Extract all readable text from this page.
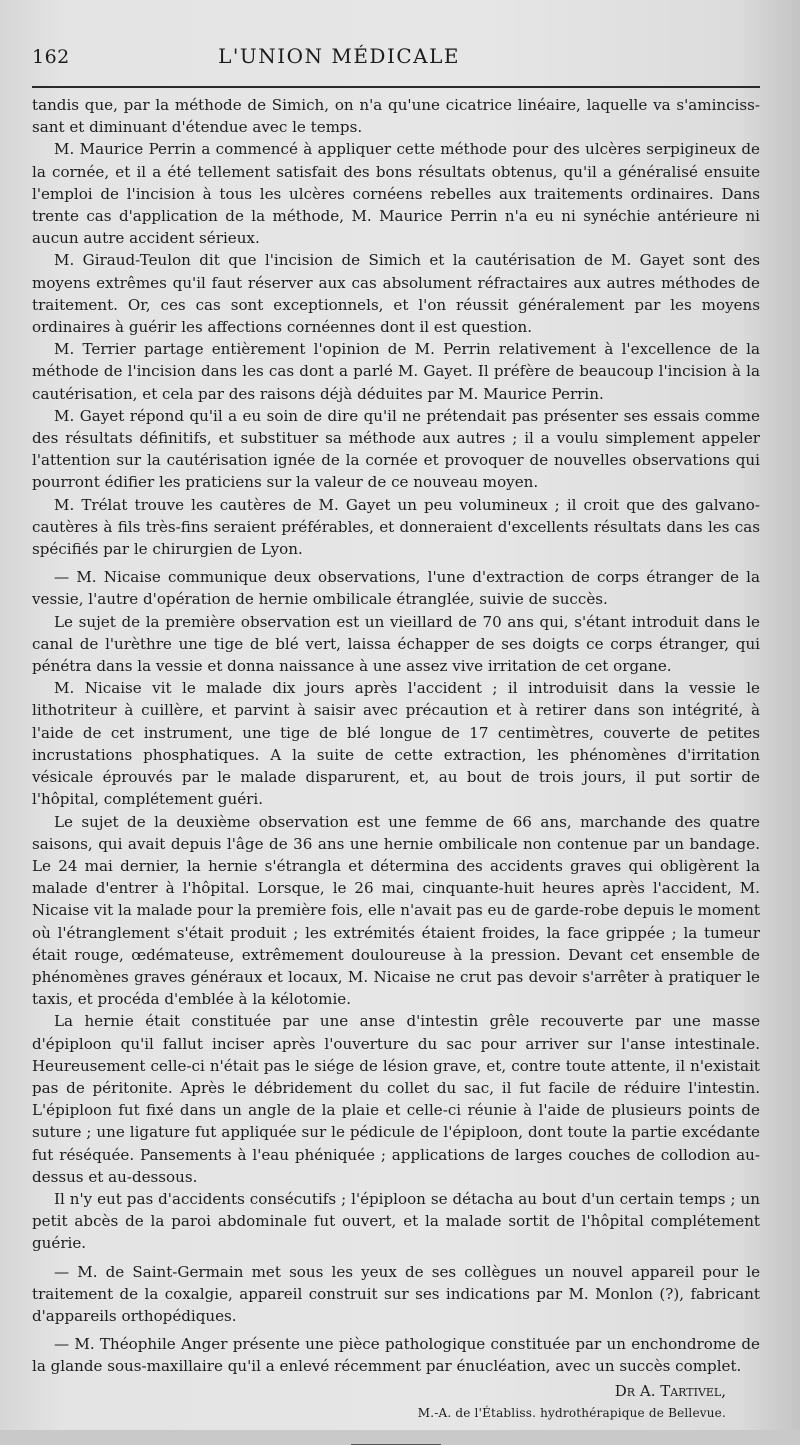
162	L'UNION MÉDICALE

tandis que, par la méthode de Simich, on n'a qu'une cicatrice linéaire, laquelle va s'aminciss-sant et diminuant d'étendue avec le temps.

M. Maurice Perrin a commencé à appliquer cette méthode pour des ulcères serpigineux de la cornée, et il a été tellement satisfait des bons résultats obtenus, qu'il a généralisé ensuite l'emploi de l'incision à tous les ulcères cornéens rebelles aux traitements ordinaires. Dans trente cas d'application de la méthode, M. Maurice Perrin n'a eu ni synéchie antérieure ni aucun autre accident sérieux.

M. Giraud-Teulon dit que l'incision de Simich et la cautérisation de M. Gayet sont des moyens extrêmes qu'il faut réserver aux cas absolument réfractaires aux autres méthodes de traitement. Or, ces cas sont exceptionnels, et l'on réussit généralement par les moyens ordinaires à guérir les affections cornéennes dont il est question.

M. Terrier partage entièrement l'opinion de M. Perrin relativement à l'excellence de la méthode de l'incision dans les cas dont a parlé M. Gayet. Il préfère de beaucoup l'incision à la cautérisation, et cela par des raisons déjà déduites par M. Maurice Perrin.

M. Gayet répond qu'il a eu soin de dire qu'il ne prétendait pas présenter ses essais comme des résultats définitifs, et substituer sa méthode aux autres ; il a voulu simplement appeler l'attention sur la cautérisation ignée de la cornée et provoquer de nouvelles observations qui pourront édifier les praticiens sur la valeur de ce nouveau moyen.

M. Trélat trouve les cautères de M. Gayet un peu volumineux ; il croit que des galvano-cautères à fils très-fins seraient préférables, et donneraient d'excellents résultats dans les cas spécifiés par le chirurgien de Lyon.

— M. Nicaise communique deux observations, l'une d'extraction de corps étranger de la vessie, l'autre d'opération de hernie ombilicale étranglée, suivie de succès.

Le sujet de la première observation est un vieillard de 70 ans qui, s'étant introduit dans le canal de l'urèthre une tige de blé vert, laissa échapper de ses doigts ce corps étranger, qui pénétra dans la vessie et donna naissance à une assez vive irritation de cet organe.

M. Nicaise vit le malade dix jours après l'accident ; il introduisit dans la vessie le lithotriteur à cuillère, et parvint à saisir avec précaution et à retirer dans son intégrité, à l'aide de cet instrument, une tige de blé longue de 17 centimètres, couverte de petites incrustations phosphatiques. A la suite de cette extraction, les phénomènes d'irritation vésicale éprouvés par le malade disparurent, et, au bout de trois jours, il put sortir de l'hôpital, complétement guéri.

Le sujet de la deuxième observation est une femme de 66 ans, marchande des quatre saisons, qui avait depuis l'âge de 36 ans une hernie ombilicale non contenue par un bandage. Le 24 mai dernier, la hernie s'étrangla et détermina des accidents graves qui obligèrent la malade d'entrer à l'hôpital. Lorsque, le 26 mai, cinquante-huit heures après l'accident, M. Nicaise vit la malade pour la première fois, elle n'avait pas eu de garde-robe depuis le moment où l'étranglement s'était produit ; les extrémités étaient froides, la face grippée ; la tumeur était rouge, œdémateuse, extrêmement douloureuse à la pression. Devant cet ensemble de phénomènes graves généraux et locaux, M. Nicaise ne crut pas devoir s'arrêter à pratiquer le taxis, et procéda d'emblée à la kélotomie.

La hernie était constituée par une anse d'intestin grêle recouverte par une masse d'épiploon qu'il fallut inciser après l'ouverture du sac pour arriver sur l'anse intestinale. Heureusement celle-ci n'était pas le siége de lésion grave, et, contre toute attente, il n'existait pas de péritonite. Après le débridement du collet du sac, il fut facile de réduire l'intestin. L'épiploon fut fixé dans un angle de la plaie et celle-ci réunie à l'aide de plusieurs points de suture ; une ligature fut appliquée sur le pédicule de l'épiploon, dont toute la partie excédante fut réséquée. Pansements à l'eau phéniquée ; applications de larges couches de collodion au-dessus et au-dessous.

Il n'y eut pas d'accidents consécutifs ; l'épiploon se détacha au bout d'un certain temps ; un petit abcès de la paroi abdominale fut ouvert, et la malade sortit de l'hôpital complétement guérie.

— M. de Saint-Germain met sous les yeux de ses collègues un nouvel appareil pour le traitement de la coxalgie, appareil construit sur ses indications par M. Monlon (?), fabricant d'appareils orthopédiques.

— M. Théophile Anger présente une pièce pathologique constituée par un enchondrome de la glande sous-maxillaire qu'il a enlevé récemment par énucléation, avec un succès complet.

Dr A. Tartivel,
M.-A. de l'Établiss. hydrothérapique de Bellevue.
